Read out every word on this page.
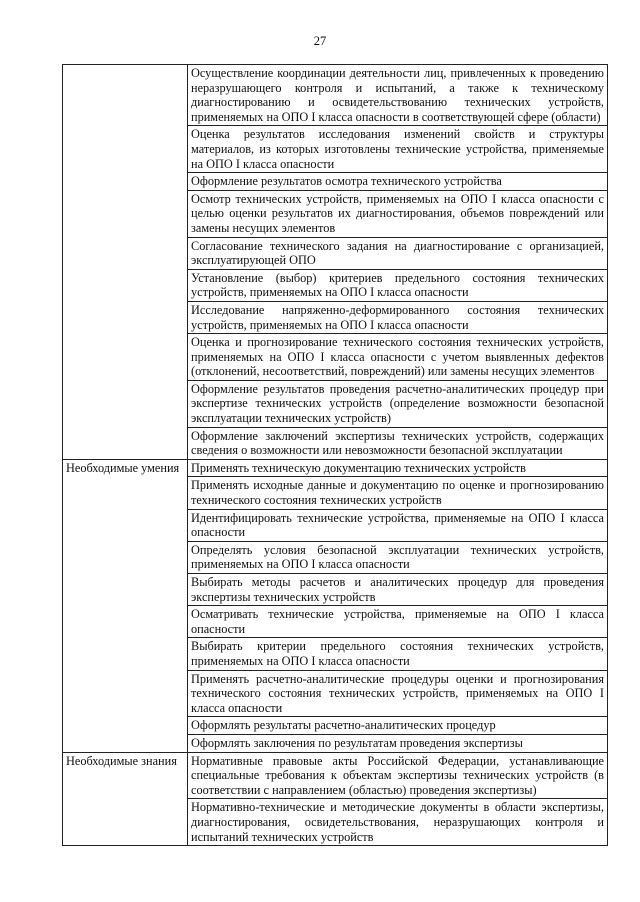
27
	Осуществление координации деятельности лиц, привлеченных к проведению неразрушающего контроля и испытаний, а также к техническому диагностированию и освидетельствованию технических устройств, применяемых на ОПО I класса опасности в соответствующей сфере (области)
	Оценка результатов исследования изменений свойств и структуры материалов, из которых изготовлены технические устройства, применяемые на ОПО I класса опасности
	Оформление результатов осмотра технического устройства
	Осмотр технических устройств, применяемых на ОПО I класса опасности с целью оценки результатов их диагностирования, объемов повреждений или замены несущих элементов
	Согласование технического задания на диагностирование с организацией, эксплуатирующей ОПО
	Установление (выбор) критериев предельного состояния технических устройств, применяемых на ОПО I класса опасности
	Исследование напряженно-деформированного состояния технических устройств, применяемых на ОПО I класса опасности
	Оценка и прогнозирование технического состояния технических устройств, применяемых на ОПО I класса опасности с учетом выявленных дефектов (отклонений, несоответствий, повреждений) или замены несущих элементов
	Оформление результатов проведения расчетно-аналитических процедур при экспертизе технических устройств (определение возможности безопасной эксплуатации технических устройств)
	Оформление заключений экспертизы технических устройств, содержащих сведения о возможности или невозможности безопасной эксплуатации
Необходимые умения	Применять техническую документацию технических устройств
	Применять исходные данные и документацию по оценке и прогнозированию технического состояния технических устройств
	Идентифицировать технические устройства, применяемые на ОПО I класса опасности
	Определять условия безопасной эксплуатации технических устройств, применяемых на ОПО I класса опасности
	Выбирать методы расчетов и аналитических процедур для проведения экспертизы технических устройств
	Осматривать технические устройства, применяемые на ОПО I класса опасности
	Выбирать критерии предельного состояния технических устройств, применяемых на ОПО I класса опасности
	Применять расчетно-аналитические процедуры оценки и прогнозирования технического состояния технических устройств, применяемых на ОПО I класса опасности
	Оформлять результаты расчетно-аналитических процедур
	Оформлять заключения по результатам проведения экспертизы
Необходимые знания	Нормативные правовые акты Российской Федерации, устанавливающие специальные требования к объектам экспертизы технических устройств (в соответствии с направлением (областью) проведения экспертизы)
	Нормативно-технические и методические документы в области экспертизы, диагностирования, освидетельствования, неразрушающих контроля и испытаний технических устройств
